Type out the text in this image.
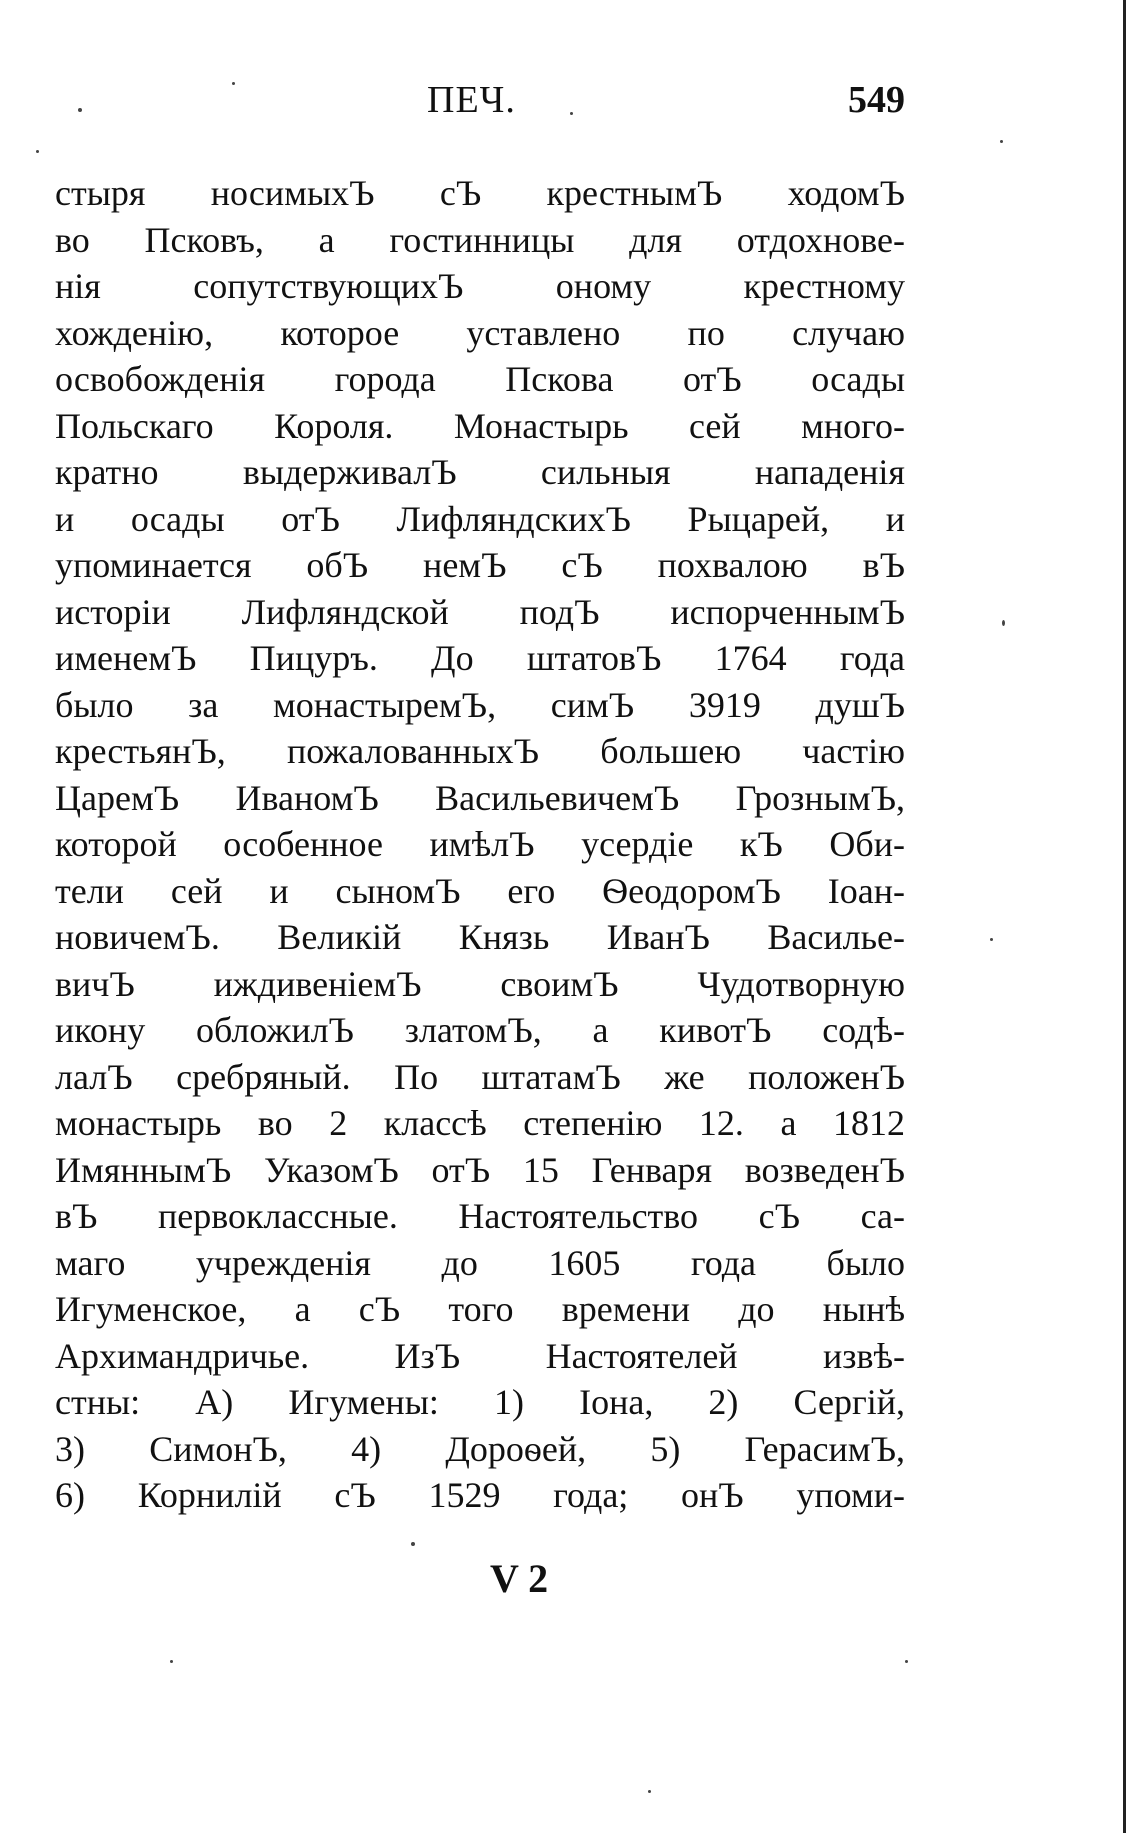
ПЕЧ.	549
стыря носимыхЪ сЪ крестнымЪ ходомЪ
во Псковъ, а гостинницы для отдохнове-
нія сопутствующихЪ оному крестному
хожденію, которое уставлено по случаю
освобожденія города Пскова отЪ осады
Польскаго Короля. Монастырь сей много-
кратно выдерживалЪ сильныя нападенія
и осады отЪ ЛифляндскихЪ Рыцарей, и
упоминается обЪ немЪ сЪ похвалою вЪ
исторіи Лифляндской подЪ испорченнымЪ
именемЪ Пицуръ. До штатовЪ 1764 года
было за монастыремЪ, симЪ 3919 душЪ
крестьянЪ, пожалованныхЪ большею частію
ЦаремЪ ИваномЪ ВасильевичемЪ ГрознымЪ,
которой особенное имѣлЪ усердіе кЪ Оби-
тели сей и сыномЪ его ѲеодоромЪ Іоан-
новичемЪ. Великій Князь ИванЪ Василье-
вичЪ иждивеніемЪ своимЪ Чудотворную
икону обложилЪ златомЪ, а кивотЪ содѣ-
лалЪ сребряный. По штатамЪ же положенЪ
монастырь во 2 классѣ степенію 12. а 1812
ИмяннымЪ УказомЪ отЪ 15 Генваря возведенЪ
вЪ первоклассные. Настоятельство сЪ са-
маго учрежденія до 1605 года было
Игуменское, а сЪ того времени до нынѣ
Архимандричье. ИзЪ Настоятелей извѣ-
стны: А) Игумены: 1) Іона, 2) Сергій,
3) СимонЪ, 4) Дороѳей, 5) ГерасимЪ,
6) Корнилій сЪ 1529 года; онЪ упоми-
V 2
